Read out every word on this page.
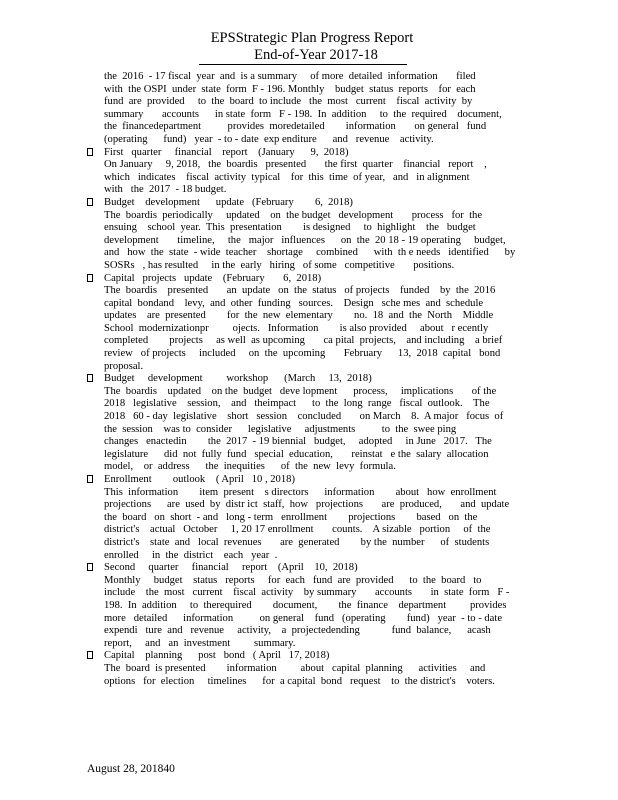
EPSStrategic Plan Progress Report
End-of-Year 2017-18
the  2016  - 17 fiscal  year  and  is a summary     of more  detailed  information       filed
with  the OSPI  under  state  form  F - 196. Monthly    budget  status  reports    for  each
fund  are  provided     to  the  board  to include   the  most   current    fiscal  activity  by
summary       accounts      in state  form   F - 198.  In  addition     to  the  required    document,
the  financedepartment          provides  moredetailed        information       on general   fund
(operating      fund)   year  - to - date  exp enditure      and   revenue    activity.
First   quarter     financial    report    (January      9,  2018)
On January     9, 2018,   the  boardis   presented       the first  quarter    financial   report    ,
which   indicates    fiscal  activity  typical    for  this  time  of year,   and   in alignment
with   the  2017  - 18 budget.
Budget    development      update   (February        6,  2018)
The  boardis  periodically     updated    on  the budget   development       process   for  the
ensuing    school  year.  This  presentation        is designed     to  highlight    the   budget
development       timeline,     the   major   influences      on  the  20 18 - 19 operating     budget,
and   how  the  state  - wide  teacher    shortage     combined      with  th e needs   identified      by
SOSRs   , has resulted     in the  early   hiring   of some   competitive       positions.
Capital   projects   update    (February       6,  2018)
The  boardis    presented       an  update   on  the  status   of projects    funded    by  the  2016
capital  bondand    levy,  and  other  funding   sources.    Design   sche mes  and  schedule
updates    are  presented        for  the  new  elementary        no.  18  and  the  North    Middle
School  modernizationpr         ojects.   Information        is also provided     about   r ecently
completed        projects     as well  as upcoming       ca pital  projects,    and including    a brief
review   of projects     included     on  the  upcoming       February      13,  2018  capital   bond
proposal.
Budget     development         workshop      (March     13,  2018)
The  boardis    updated    on the  budget   deve lopment      process,     implications       of the
2018   legislative    session,    and   theimpact      to  the  long  range   fiscal  outlook.    The
2018   60 - day  legislative    short   session    concluded       on March    8.  A major   focus  of
the  session    was to  consider      legislative     adjustments          to  the  swee ping
changes   enactedin        the  2017  - 19 biennial   budget,     adopted     in June   2017.   The
legislature      did  not  fully  fund   special  education,       reinstat   e the  salary  allocation
model,    or  address      the  inequities      of  the  new  levy  formula.
Enrollment        outlook    ( April   10 , 2018)
This  information        item  present    s directors      information        about   how  enrollment
projections      are  used  by  distr ict  staff,  how   projections       are  produced,       and  update
the  board   on  short  - and   long - term   enrollment        projections        based   on  the
district's    actual   October     1, 20 17 enrollment       counts.    A sizable   portion     of  the
district's    state  and   local  revenues       are  generated        by the  number      of  students
enrolled     in  the  district    each   year  .
Second     quarter     financial     report    (April    10,  2018)
Monthly     budget    status   reports     for  each   fund  are  provided      to  the  board   to
include    the  most   current    fiscal  activity    by summary       accounts       in  state  form   F -
198.  In  addition     to  therequired        document,        the  finance    department         provides
more   detailed      information          on general    fund   (operating        fund)   year  - to - date
expendi   ture  and   revenue     activity,    a  projectedending            fund  balance,      acash
report,     and   an  investment         summary.
Capital    planning      post   bond   ( April   17, 2018)
The  board  is presented        information         about   capital  planning      activities     and
options   for  election     timelines      for  a capital  bond   request    to  the district's    voters.
August 28, 201840
